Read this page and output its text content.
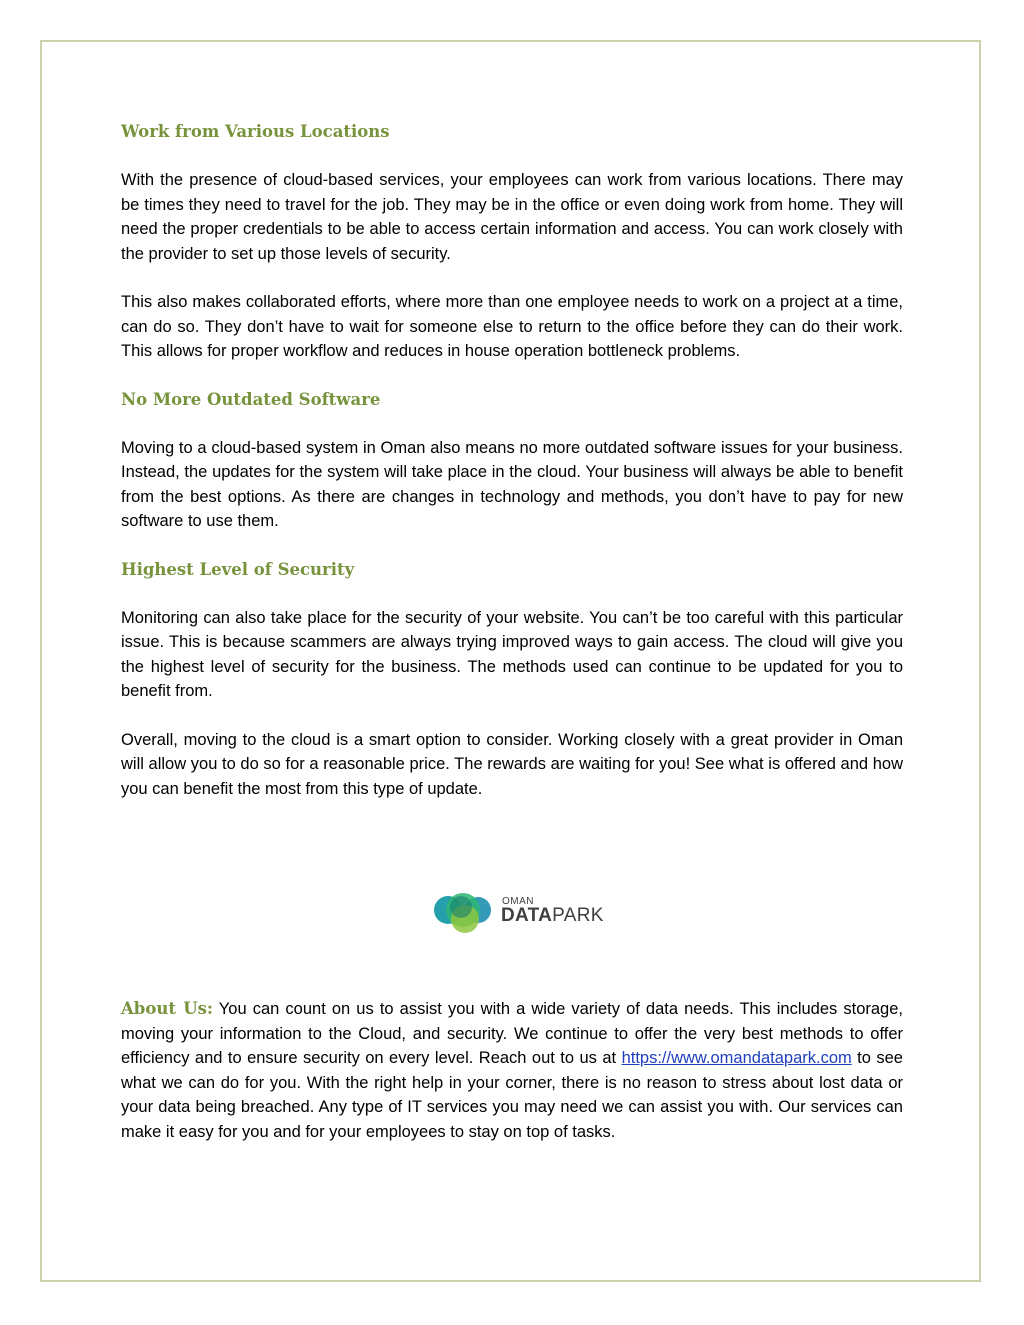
Work from Various Locations

With the presence of cloud-based services, your employees can work from various locations. There may be times they need to travel for the job. They may be in the office or even doing work from home. They will need the proper credentials to be able to access certain information and access. You can work closely with the provider to set up those levels of security.

This also makes collaborated efforts, where more than one employee needs to work on a project at a time, can do so. They don’t have to wait for someone else to return to the office before they can do their work. This allows for proper workflow and reduces in house operation bottleneck problems.

No More Outdated Software

Moving to a cloud-based system in Oman also means no more outdated software issues for your business. Instead, the updates for the system will take place in the cloud. Your business will always be able to benefit from the best options. As there are changes in technology and methods, you don’t have to pay for new software to use them.

Highest Level of Security

Monitoring can also take place for the security of your website. You can’t be too careful with this particular issue. This is because scammers are always trying improved ways to gain access. The cloud will give you the highest level of security for the business. The methods used can continue to be updated for you to benefit from.

Overall, moving to the cloud is a smart option to consider. Working closely with a great provider in Oman will allow you to do so for a reasonable price. The rewards are waiting for you! See what is offered and how you can benefit the most from this type of update.

OMAN
DATAPARK
About Us: You can count on us to assist you with a wide variety of data needs. This includes storage, moving your information to the Cloud, and security. We continue to offer the very best methods to offer efficiency and to ensure security on every level. Reach out to us at https://www.omandatapark.com to see what we can do for you. With the right help in your corner, there is no reason to stress about lost data or your data being breached. Any type of IT services you may need we can assist you with. Our services can make it easy for you and for your employees to stay on top of tasks.
